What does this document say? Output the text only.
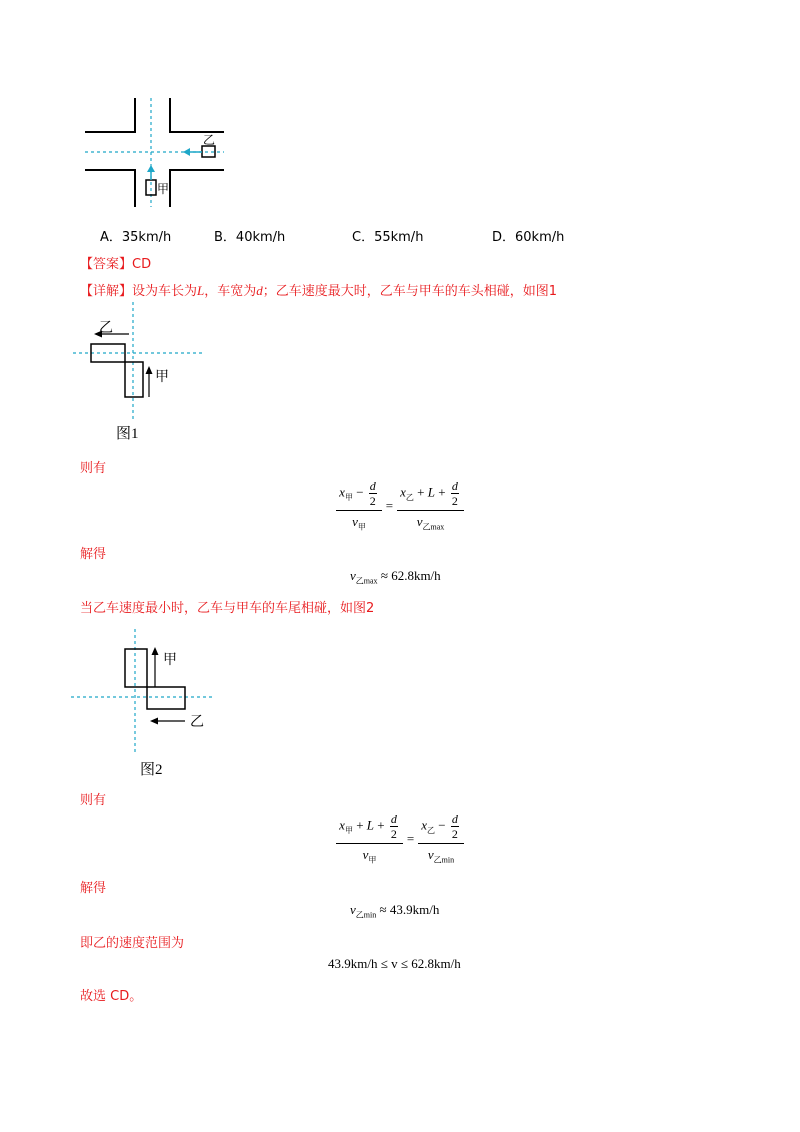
乙
甲
A．35km/h	B．40km/h	C．55km/h	D．60km/h
【答案】CD
【详解】设为车长为L，车宽为d；乙车速度最大时，乙车与甲车的车头相碰，如图1
乙
甲
图1
则有
$\frac{x_甲 - \frac{d}{2}}{v_甲} = \frac{x_乙 + L + \frac{d}{2}}{v_{乙max}}$
解得
$v_{乙max} \approx 62.8km/h$
当乙车速度最小时，乙车与甲车的车尾相碰，如图2
甲
乙
图2
则有
$\frac{x_甲 + L + \frac{d}{2}}{v_甲} = \frac{x_乙 - \frac{d}{2}}{v_{乙min}}$
解得
$v_{乙min} \approx 43.9km/h$
即乙的速度范围为
43.9km/h ≤ v ≤ 62.8km/h
故选 CD。
